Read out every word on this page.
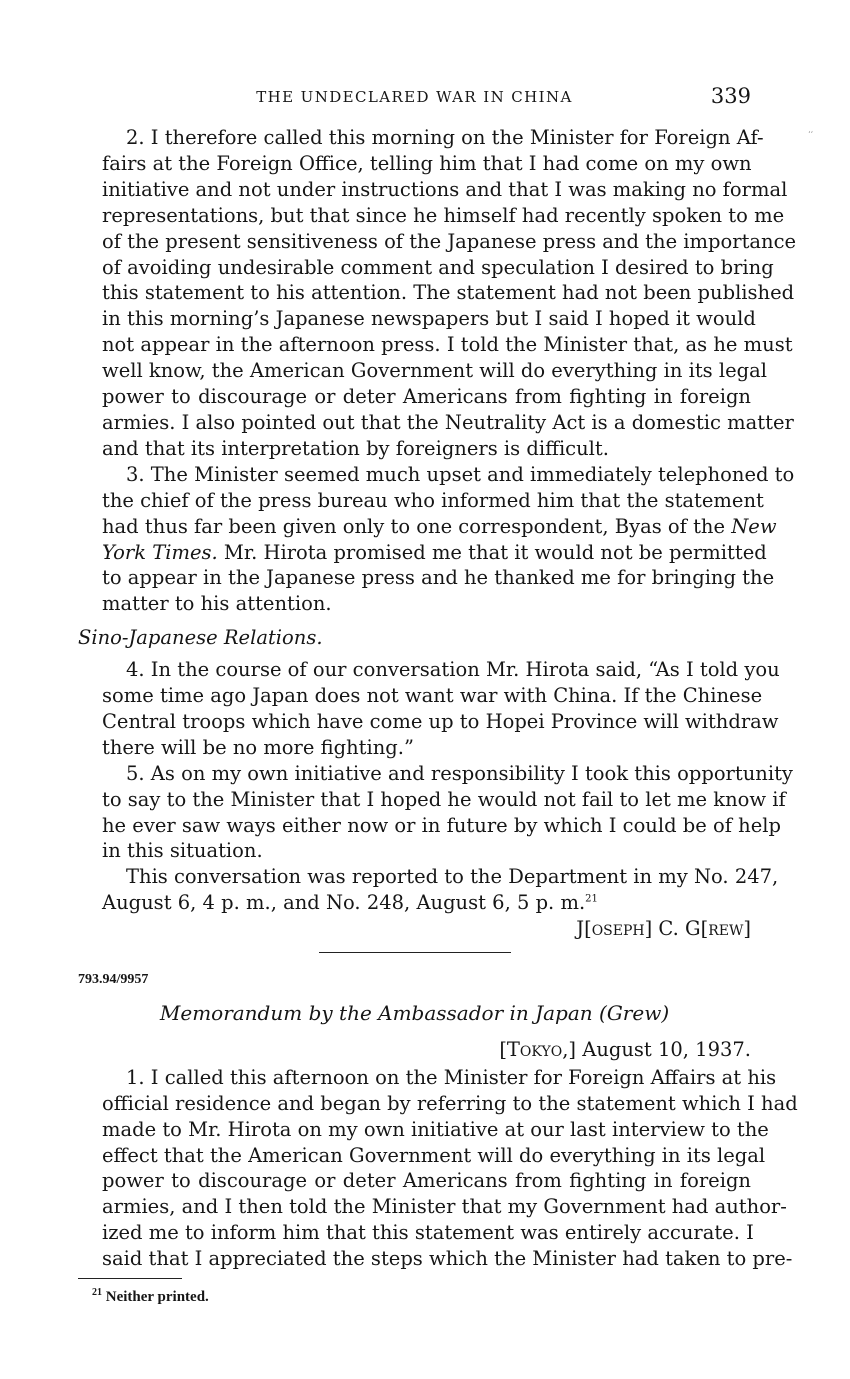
‘‘
THE UNDECLARED WAR IN CHINA	339
2. I therefore called this morning on the Minister for Foreign Af-
fairs at the Foreign Office, telling him that I had come on my own
initiative and not under instructions and that I was making no formal
representations, but that since he himself had recently spoken to me
of the present sensitiveness of the Japanese press and the importance
of avoiding undesirable comment and speculation I desired to bring
this statement to his attention. The statement had not been published
in this morning’s Japanese newspapers but I said I hoped it would
not appear in the afternoon press. I told the Minister that, as he must
well know, the American Government will do everything in its legal
power to discourage or deter Americans from fighting in foreign
armies. I also pointed out that the Neutrality Act is a domestic matter
and that its interpretation by foreigners is difficult.
3. The Minister seemed much upset and immediately telephoned to
the chief of the press bureau who informed him that the statement
had thus far been given only to one correspondent, Byas of the New
York Times. Mr. Hirota promised me that it would not be permitted
to appear in the Japanese press and he thanked me for bringing the
matter to his attention.
Sino-Japanese Relations.
4. In the course of our conversation Mr. Hirota said, “As I told you
some time ago Japan does not want war with China. If the Chinese
Central troops which have come up to Hopei Province will withdraw
there will be no more fighting.”
5. As on my own initiative and responsibility I took this opportunity
to say to the Minister that I hoped he would not fail to let me know if
he ever saw ways either now or in future by which I could be of help
in this situation.
This conversation was reported to the Department in my No. 247,
August 6, 4 p. m., and No. 248, August 6, 5 p. m.$^{21}$
J[oseph] C. G[rew]
793.94/9957
Memorandum by the Ambassador in Japan (Grew)
[Tokyo,] August 10, 1937.
1. I called this afternoon on the Minister for Foreign Affairs at his
official residence and began by referring to the statement which I had
made to Mr. Hirota on my own initiative at our last interview to the
effect that the American Government will do everything in its legal
power to discourage or deter Americans from fighting in foreign
armies, and I then told the Minister that my Government had author-
ized me to inform him that this statement was entirely accurate. I
said that I appreciated the steps which the Minister had taken to pre-
$^{21}$ Neither printed.
